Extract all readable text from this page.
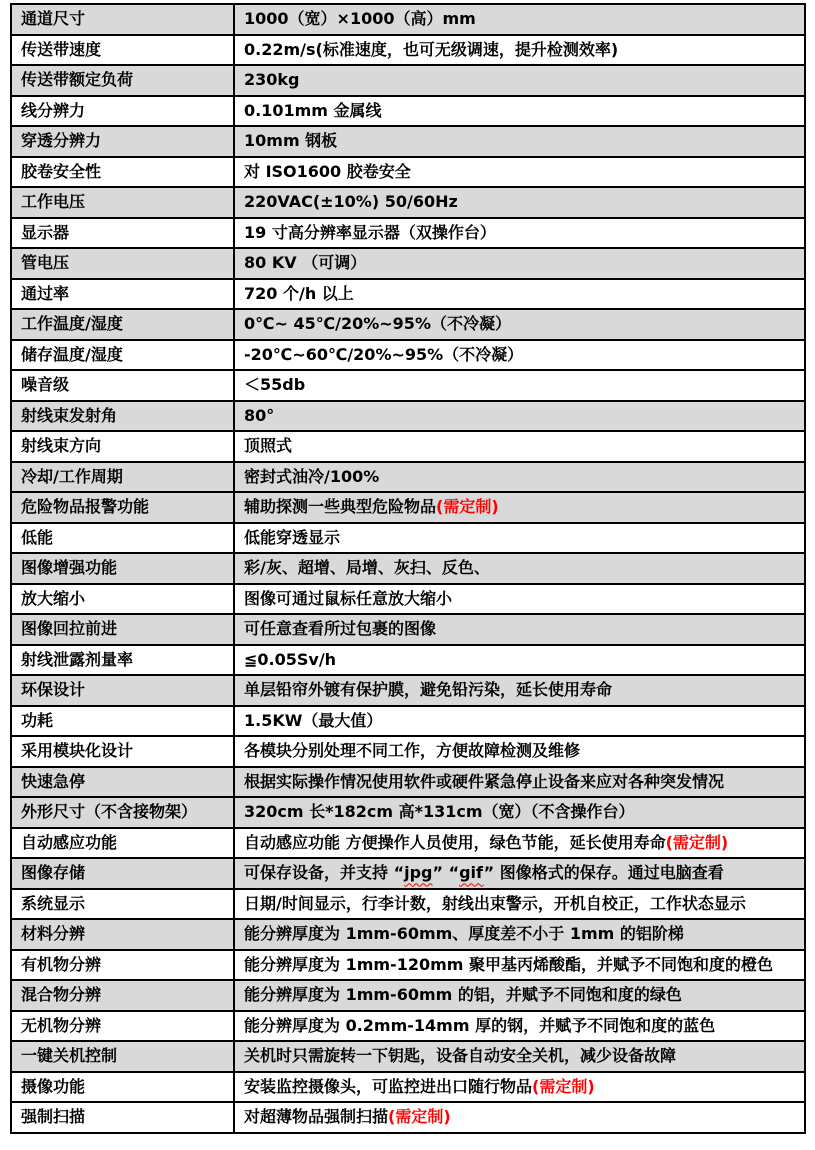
通道尺寸	1000（宽）×1000（高）mm
传送带速度	0.22m/s(标准速度，也可无级调速，提升检测效率)
传送带额定负荷	230kg
线分辨力	0.101mm 金属线
穿透分辨力	10mm 钢板
胶卷安全性	对 ISO1600 胶卷安全
工作电压	220VAC(±10%) 50/60Hz
显示器	19 寸高分辨率显示器（双操作台）
管电压	80 KV （可调）
通过率	720 个/h 以上
工作温度/湿度	0℃~ 45℃/20%~95%（不冷凝）
储存温度/湿度	-20℃~60℃/20%~95%（不冷凝）
噪音级	＜55db
射线束发射角	80°
射线束方向	顶照式
冷却/工作周期	密封式油冷/100%
危险物品报警功能	辅助探测一些典型危险物品(需定制)
低能	低能穿透显示
图像增强功能	彩/灰、超增、局增、灰扫、反色、
放大缩小	图像可通过鼠标任意放大缩小
图像回拉前进	可任意查看所过包裹的图像
射线泄露剂量率	≦0.05Sv/h
环保设计	单层铅帘外镀有保护膜，避免铅污染，延长使用寿命
功耗	1.5KW（最大值）
采用模块化设计	各模块分别处理不同工作，方便故障检测及维修
快速急停	根据实际操作情况使用软件或硬件紧急停止设备来应对各种突发情况
外形尺寸（不含接物架）	320cm 长*182cm 高*131cm（宽）（不含操作台）
自动感应功能	自动感应功能 方便操作人员使用，绿色节能，延长使用寿命(需定制)
图像存储	可保存设备，并支持 “jpg” “gif” 图像格式的保存。通过电脑查看
系统显示	日期/时间显示，行李计数，射线出束警示，开机自校正，工作状态显示
材料分辨	能分辨厚度为 1mm-60mm、厚度差不小于 1mm 的铝阶梯
有机物分辨	能分辨厚度为 1mm-120mm 聚甲基丙烯酸酯，并赋予不同饱和度的橙色
混合物分辨	能分辨厚度为 1mm-60mm 的铝，并赋予不同饱和度的绿色
无机物分辨	能分辨厚度为 0.2mm-14mm 厚的钢，并赋予不同饱和度的蓝色
一键关机控制	关机时只需旋转一下钥匙，设备自动安全关机，减少设备故障
摄像功能	安装监控摄像头，可监控进出口随行物品(需定制)
强制扫描	对超薄物品强制扫描(需定制)
